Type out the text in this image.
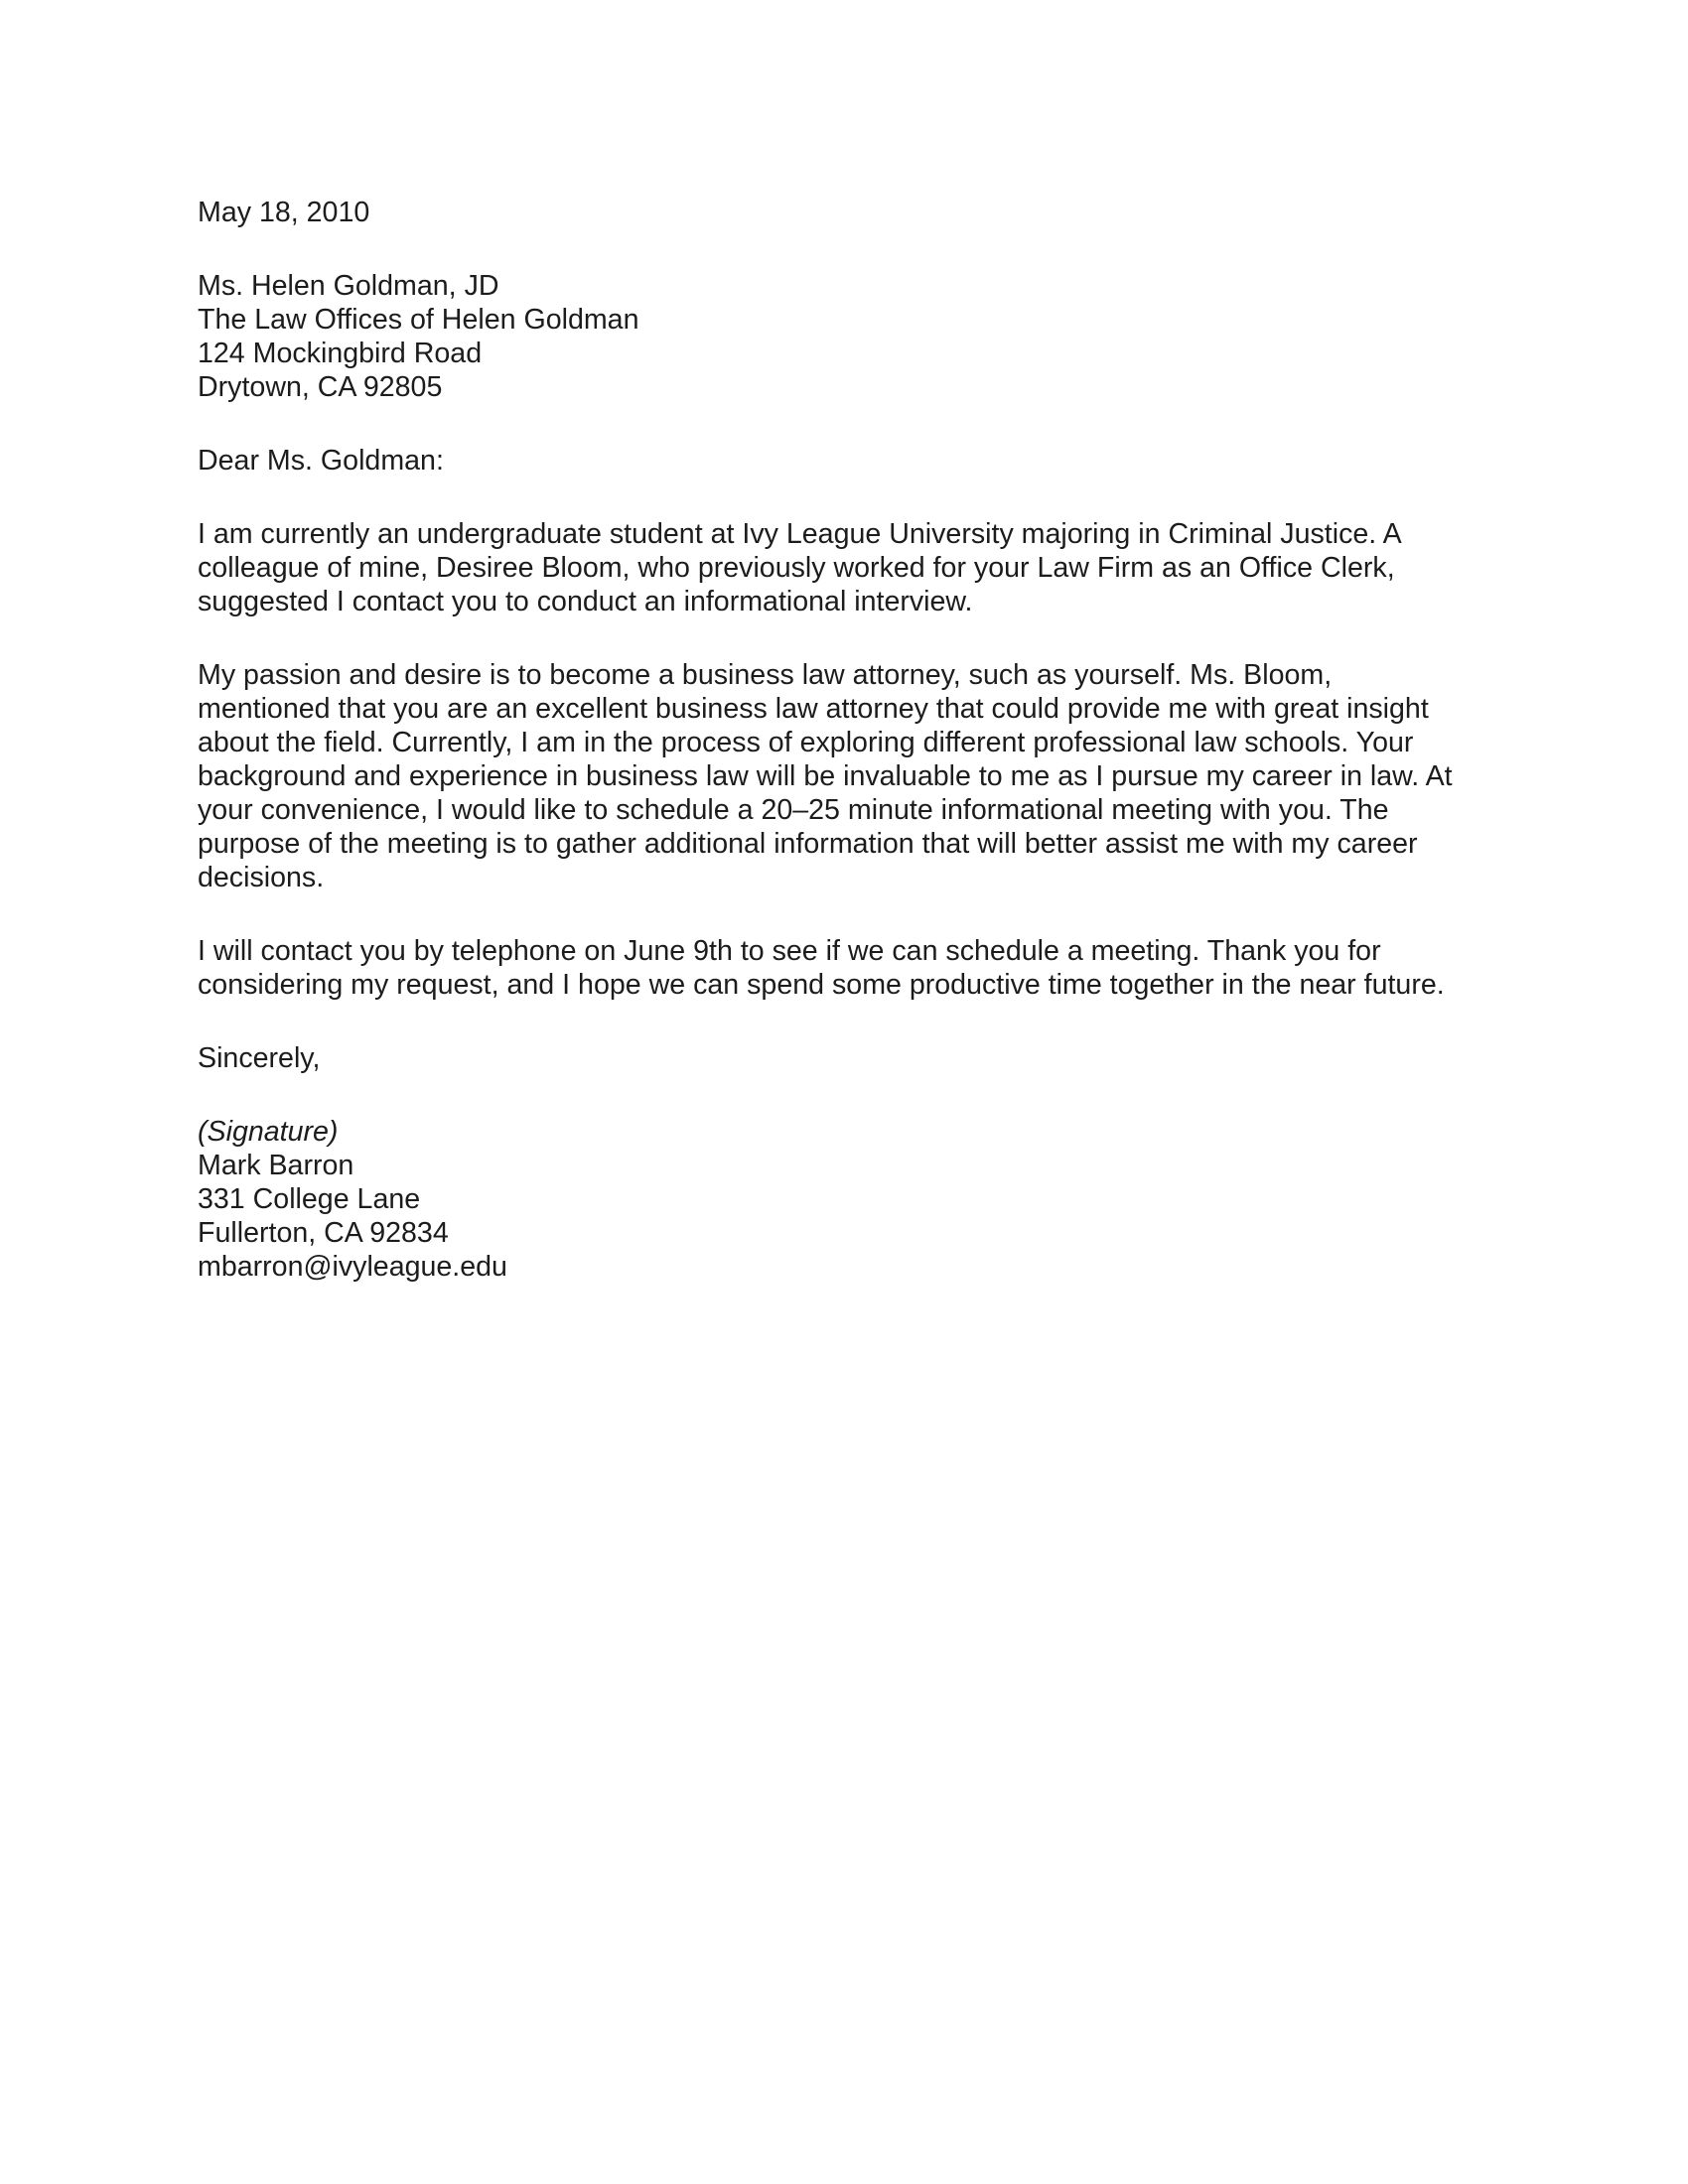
May 18, 2010

Ms. Helen Goldman, JD
The Law Offices of Helen Goldman
124 Mockingbird Road
Drytown, CA 92805

Dear Ms. Goldman:

I am currently an undergraduate student at Ivy League University majoring in Criminal Justice. A
colleague of mine, Desiree Bloom, who previously worked for your Law Firm as an Office Clerk,
suggested I contact you to conduct an informational interview.

My passion and desire is to become a business law attorney, such as yourself. Ms. Bloom,
mentioned that you are an excellent business law attorney that could provide me with great insight
about the field. Currently, I am in the process of exploring different professional law schools. Your
background and experience in business law will be invaluable to me as I pursue my career in law. At
your convenience, I would like to schedule a 20–25 minute informational meeting with you. The
purpose of the meeting is to gather additional information that will better assist me with my career
decisions.

I will contact you by telephone on June 9th to see if we can schedule a meeting. Thank you for
considering my request, and I hope we can spend some productive time together in the near future.

Sincerely,

(Signature)
Mark Barron
331 College Lane
Fullerton, CA 92834
mbarron@ivyleague.edu
